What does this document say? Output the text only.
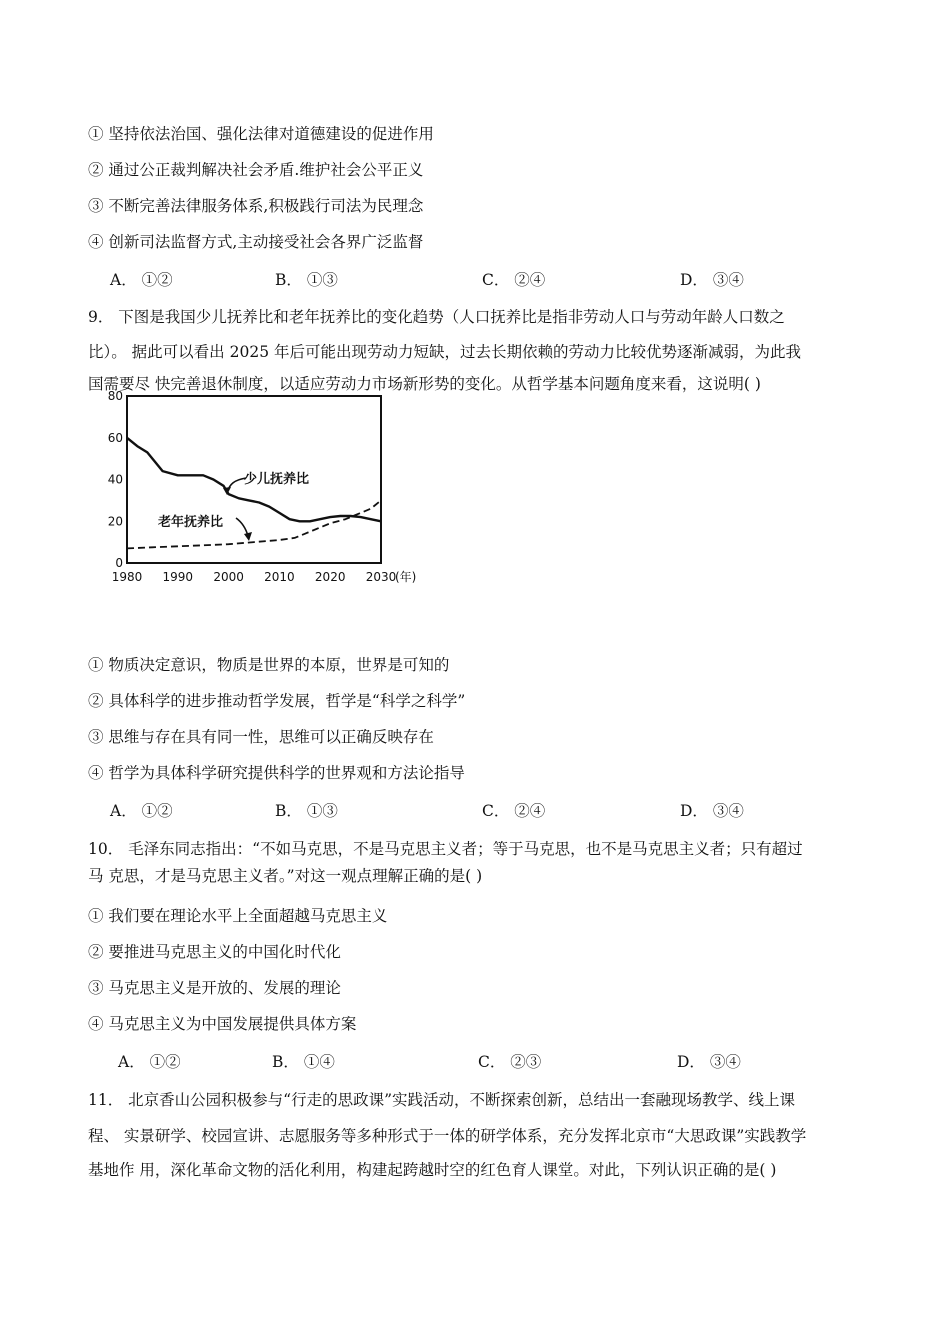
① 坚持依法治国、强化法律对道德建设的促进作用
② 通过公正裁判解决社会矛盾.维护社会公平正义
③ 不断完善法律服务体系,积极践行司法为民理念
④ 创新司法监督方式,主动接受社会各界广泛监督
A． ①②	B． ①③	C． ②④	D． ③④
9． 下图是我国少儿抚养比和老年抚养比的变化趋势（人口抚养比是指非劳动人口与劳动年龄人口数之
比）。 据此可以看出 2025 年后可能出现劳动力短缺，过去长期依赖的劳动力比较优势逐渐减弱，为此我
国需要尽 快完善退休制度，以适应劳动力市场新形势的变化。从哲学基本问题角度来看，这说明( )
0
20
40
60
80
1980 1990 2000 2010 2020 2030
(年)
少儿抚养比
老年抚养比
① 物质决定意识，物质是世界的本原，世界是可知的
② 具体科学的进步推动哲学发展，哲学是“科学之科学”
③ 思维与存在具有同一性，思维可以正确反映存在
④ 哲学为具体科学研究提供科学的世界观和方法论指导
A． ①②	B． ①③	C． ②④	D． ③④
10． 毛泽东同志指出：“不如马克思，不是马克思主义者；等于马克思，也不是马克思主义者；只有超过
马 克思，才是马克思主义者。”对这一观点理解正确的是( )
① 我们要在理论水平上全面超越马克思主义
② 要推进马克思主义的中国化时代化
③ 马克思主义是开放的、发展的理论
④ 马克思主义为中国发展提供具体方案
A． ①②	B． ①④	C． ②③	D． ③④
11． 北京香山公园积极参与“行走的思政课”实践活动，不断探索创新，总结出一套融现场教学、线上课
程、 实景研学、校园宣讲、志愿服务等多种形式于一体的研学体系，充分发挥北京市“大思政课”实践教学
基地作 用，深化革命文物的活化利用，构建起跨越时空的红色育人课堂。对此，下列认识正确的是( )
